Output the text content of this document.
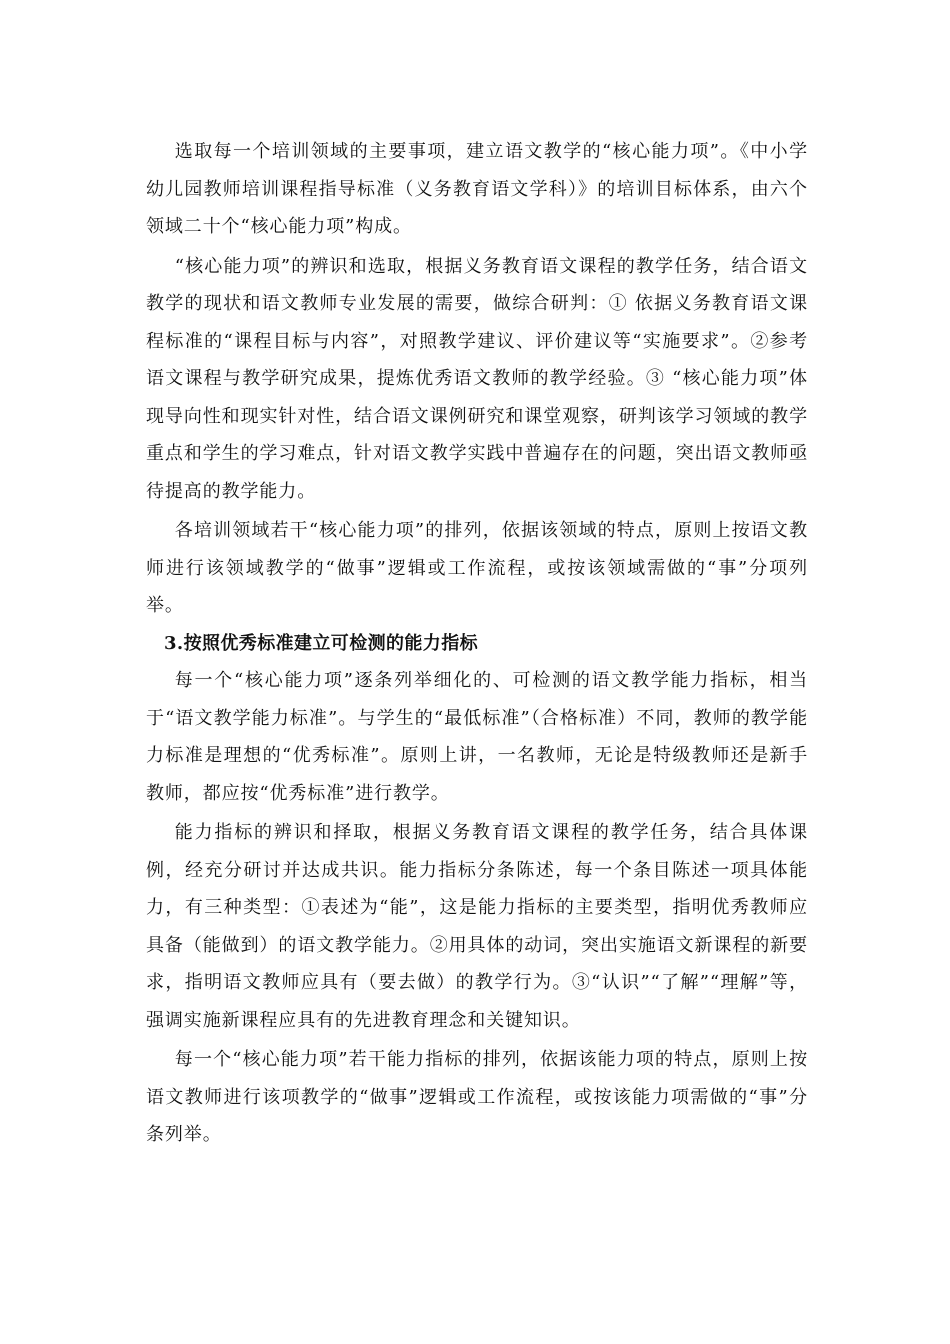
选取每一个培训领域的主要事项，建立语文教学的“核心能力项”。《中小学幼儿园教师培训课程指导标准（义务教育语文学科）》的培训目标体系，由六个领域二十个“核心能力项”构成。

“核心能力项”的辨识和选取，根据义务教育语文课程的教学任务，结合语文教学的现状和语文教师专业发展的需要，做综合研判：① 依据义务教育语文课程标准的“课程目标与内容”，对照教学建议、评价建议等“实施要求”。②参考语文课程与教学研究成果，提炼优秀语文教师的教学经验。③ “核心能力项”体现导向性和现实针对性，结合语文课例研究和课堂观察，研判该学习领域的教学重点和学生的学习难点，针对语文教学实践中普遍存在的问题，突出语文教师亟待提高的教学能力。

各培训领域若干“核心能力项”的排列，依据该领域的特点，原则上按语文教师进行该领域教学的“做事”逻辑或工作流程，或按该领域需做的“事”分项列举。

3.按照优秀标准建立可检测的能力指标

每一个“核心能力项”逐条列举细化的、可检测的语文教学能力指标，相当于“语文教学能力标准”。与学生的“最低标准”（合格标准）不同，教师的教学能力标准是理想的“优秀标准”。原则上讲，一名教师，无论是特级教师还是新手教师，都应按“优秀标准”进行教学。

能力指标的辨识和择取，根据义务教育语文课程的教学任务，结合具体课例，经充分研讨并达成共识。能力指标分条陈述，每一个条目陈述一项具体能力，有三种类型：①表述为“能”，这是能力指标的主要类型，指明优秀教师应具备（能做到）的语文教学能力。②用具体的动词，突出实施语文新课程的新要求，指明语文教师应具有（要去做）的教学行为。③“认识”“了解”“理解”等，强调实施新课程应具有的先进教育理念和关键知识。

每一个“核心能力项”若干能力指标的排列，依据该能力项的特点，原则上按语文教师进行该项教学的“做事”逻辑或工作流程，或按该能力项需做的“事”分条列举。
